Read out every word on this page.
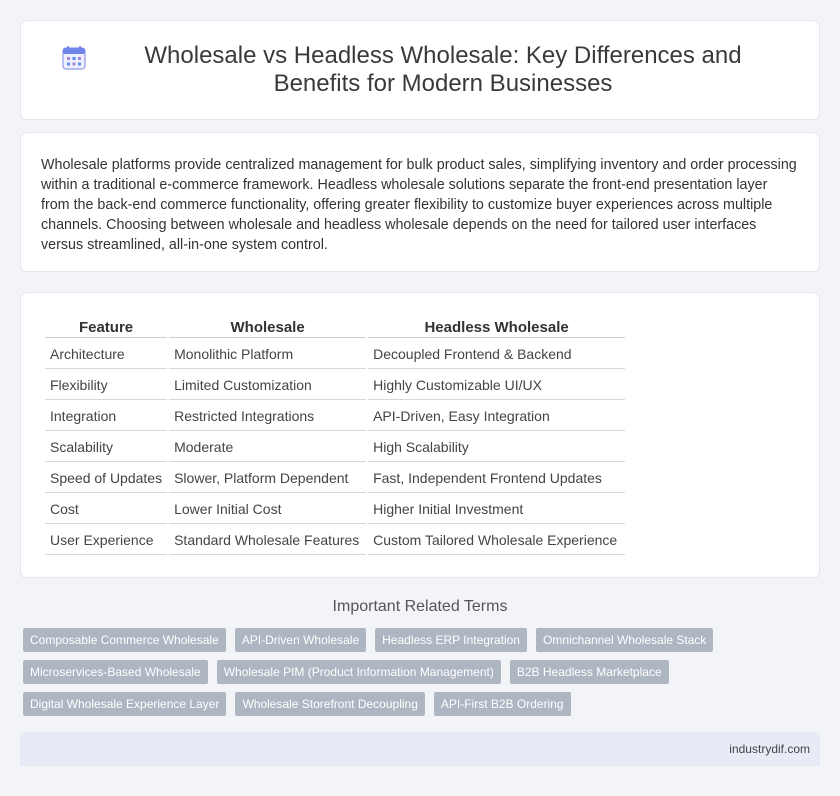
Wholesale vs Headless Wholesale: Key Differences and Benefits for Modern Businesses

Wholesale platforms provide centralized management for bulk product sales, simplifying inventory and order processing within a traditional e-commerce framework. Headless wholesale solutions separate the front-end presentation layer from the back-end commerce functionality, offering greater flexibility to customize buyer experiences across multiple channels. Choosing between wholesale and headless wholesale depends on the need for tailored user interfaces versus streamlined, all-in-one system control.

Feature	Wholesale	Headless Wholesale
Architecture	Monolithic Platform	Decoupled Frontend & Backend
Flexibility	Limited Customization	Highly Customizable UI/UX
Integration	Restricted Integrations	API-Driven, Easy Integration
Scalability	Moderate	High Scalability
Speed of Updates	Slower, Platform Dependent	Fast, Independent Frontend Updates
Cost	Lower Initial Cost	Higher Initial Investment
User Experience	Standard Wholesale Features	Custom Tailored Wholesale Experience
Important Related Terms
Composable Commerce Wholesale	API-Driven Wholesale	Headless ERP Integration	Omnichannel Wholesale Stack
Microservices-Based Wholesale	Wholesale PIM (Product Information Management)	B2B Headless Marketplace
Digital Wholesale Experience Layer	Wholesale Storefront Decoupling	API-First B2B Ordering
industrydif.com
